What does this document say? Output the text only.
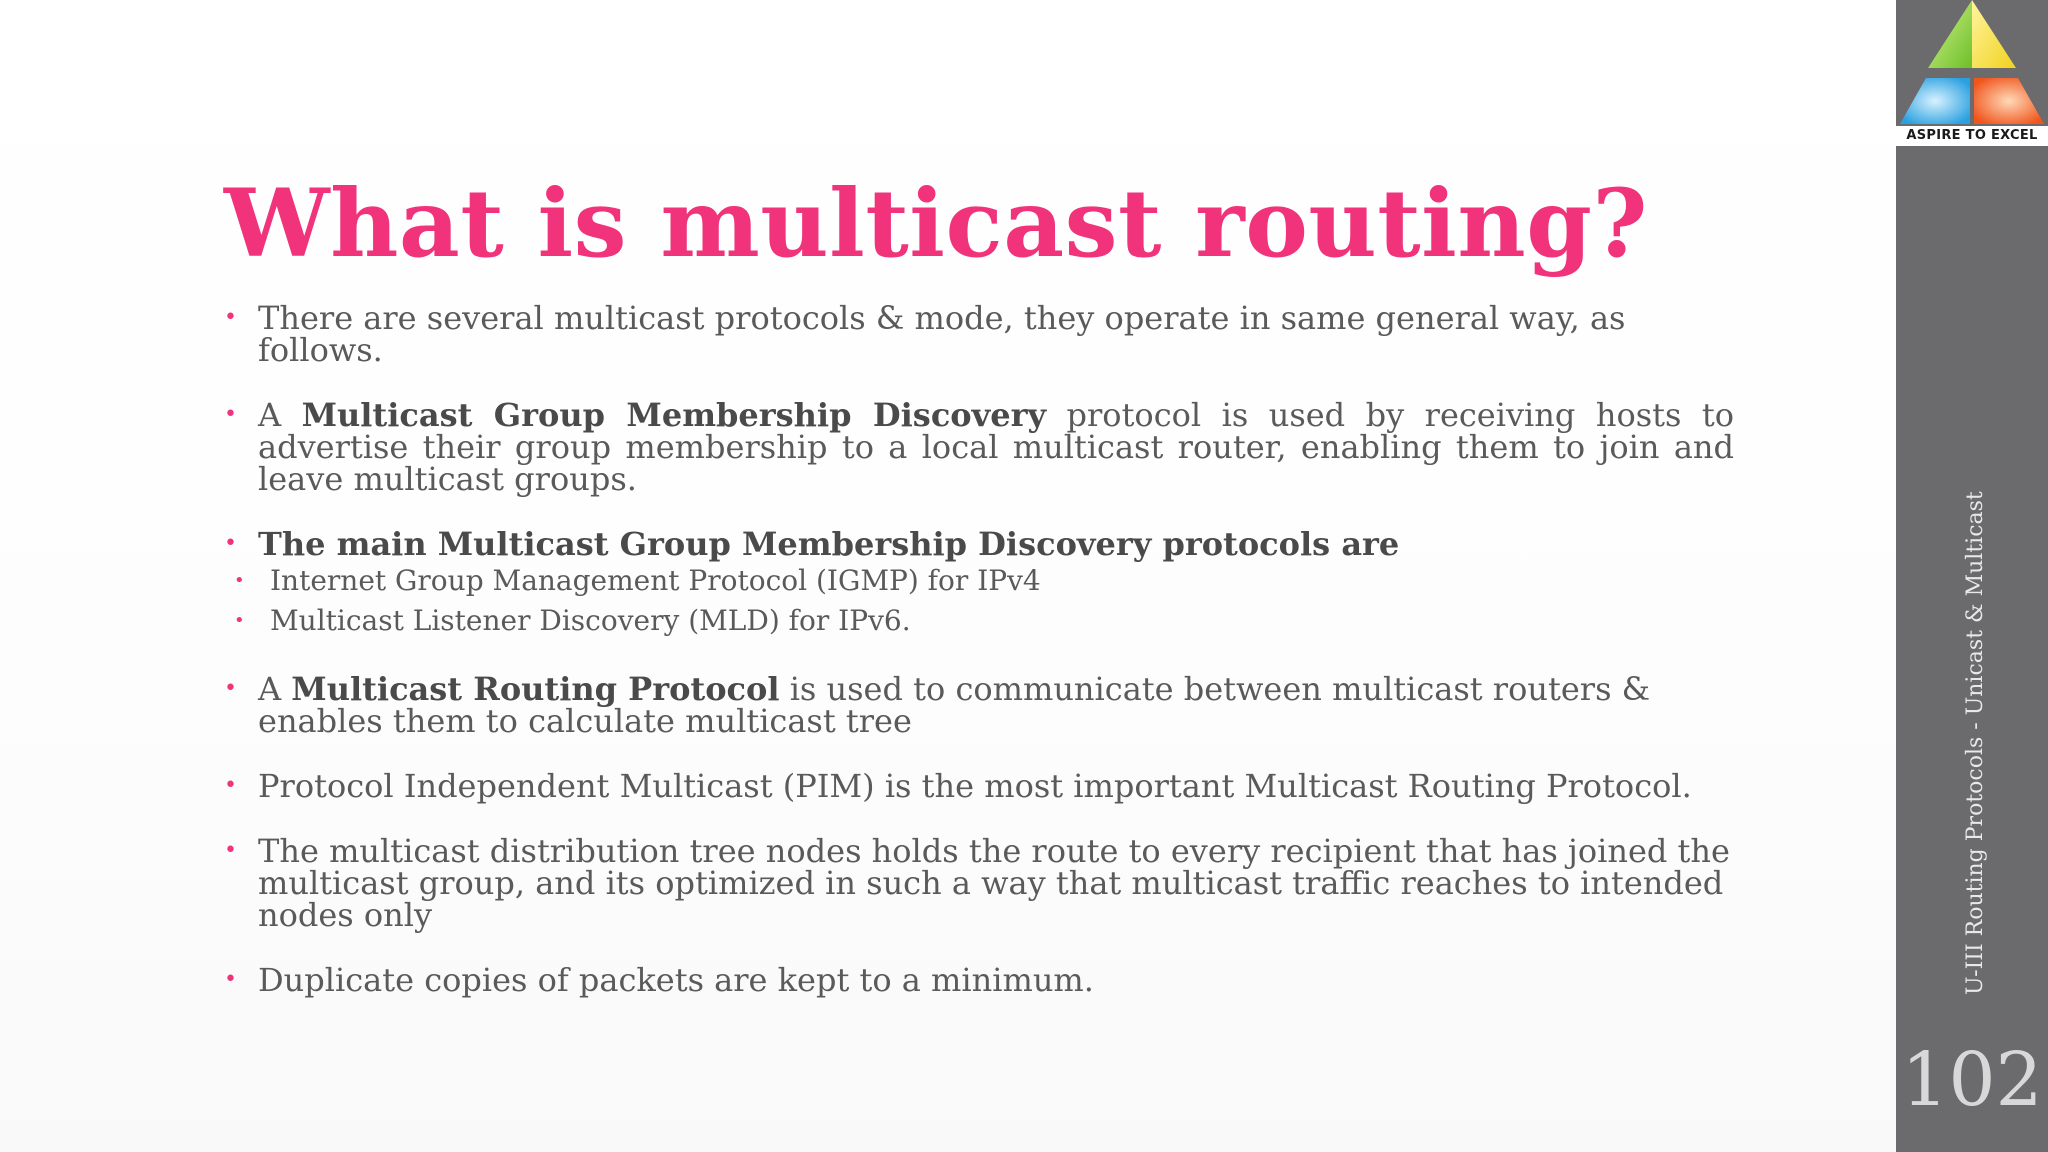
What is multicast routing?
• There are several multicast protocols & mode, they operate in same general way, as follows.
• A Multicast Group Membership Discovery protocol is used by receiving hosts to advertise their group membership to a local multicast router, enabling them to join and leave multicast groups.
• The main Multicast Group Membership Discovery protocols are
• Internet Group Management Protocol (IGMP) for IPv4
• Multicast Listener Discovery (MLD) for IPv6.
• A Multicast Routing Protocol is used to communicate between multicast routers & enables them to calculate multicast tree
• Protocol Independent Multicast (PIM) is the most important Multicast Routing Protocol.
• The multicast distribution tree nodes holds the route to every recipient that has joined the multicast group, and its optimized in such a way that multicast traffic reaches to intended nodes only
• Duplicate copies of packets are kept to a minimum.
ASPIRE TO EXCEL
U-III Routing Protocols - Unicast & Multicast
102
